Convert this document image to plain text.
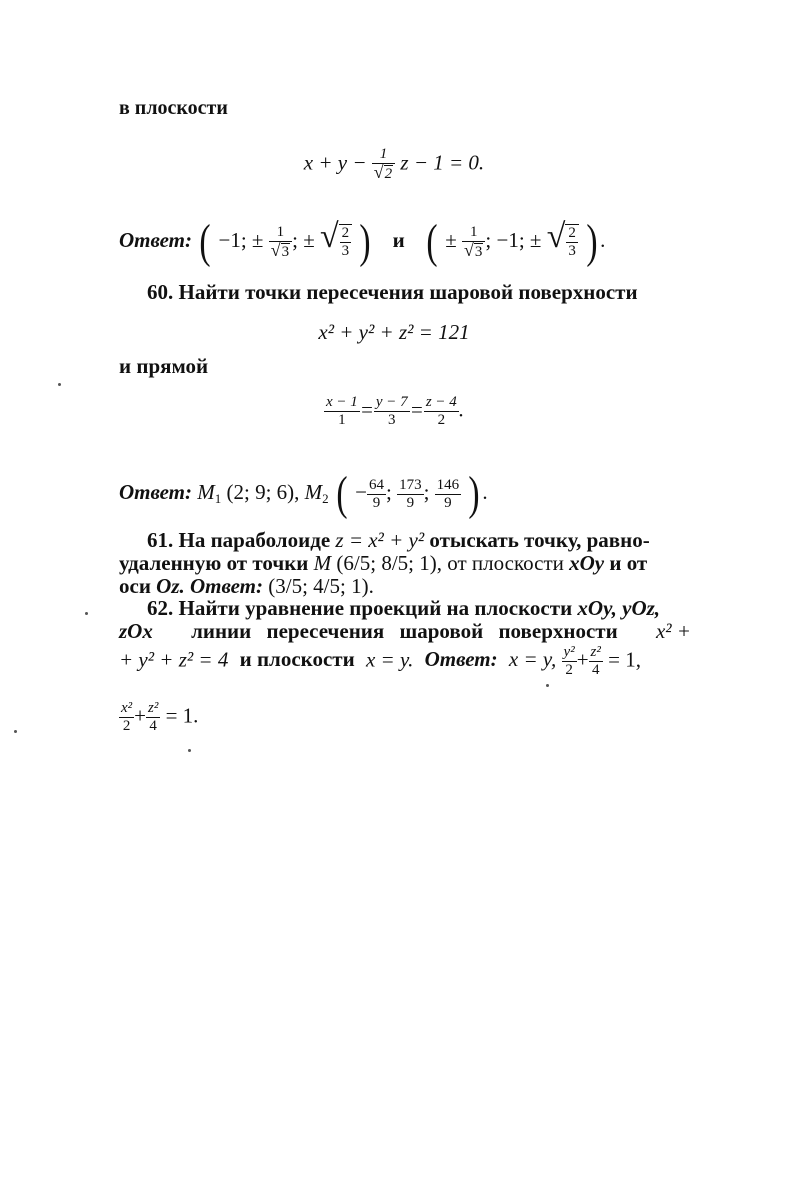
в плоскости
$x + y - \frac{1}{√2}$ z − 1 = 0.
Ответ: ( −1; ± $\frac{1}{√3}$ ; ± √ $\frac{2}{3}$ ) и ( ± $\frac{1}{√3}$ ; −1; ± √ $\frac{2}{3}$ ) .
60. Найти точки пересечения шаровой поверхности
x² + y² + z² = 121
и прямой
$\frac{x - 1}{1} = \frac{y - 7}{3} = \frac{z - 4}{2}$ .
Ответ: $M_1$ (2; 9; 6), $M_2$ ( − $\frac{64}{9}$ ; $\frac{173}{9}$ ; $\frac{146}{9}$ ) .
61. На параболоиде z = x² + y² отыскать точку, равно-
удаленную от точки M (6/5; 8/5; 1), от плоскости xOy и от
оси Oz. Ответ: (3/5; 4/5; 1).
62. Найти уравнение проекций на плоскости xOy, yOz,
zOx линии пересечения шаровой поверхности x² +
+ y² + z² = 4 и плоскости x = y. Ответ: x = y, $\frac{\text{y²}}{2} + \frac{\text{z²}}{4} = 1$,
$\frac{\text{x²}}{2} + \frac{\text{z²}}{4} = 1$.
